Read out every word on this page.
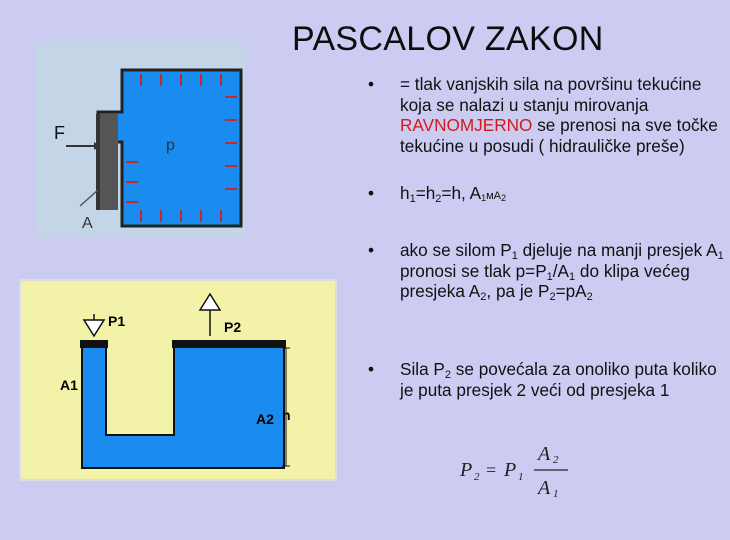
PASCALOV ZAKON
F
A
p
P1	P2
A1
A2 h
• = tlak vanjskih sila na površinu tekućine koja se nalazi u stanju mirovanja RAVNOMJERNO se prenosi na sve točke tekućine u posudi ( hidrauličke preše)
• $h_1=h_2=h$, A1ᴍA2
• ako se silom $P_1$ djeluje na manji presjek $A_1$ pronosi se tlak $p=P_1/A_1$ do klipa većeg presjeka $A_2$, pa je $P_2=pA_2$
• Sila $P_2$ se povećala za onoliko puta koliko je puta presjek 2 veći od presjeka 1
P 2 = P 1
A 2
A 1
